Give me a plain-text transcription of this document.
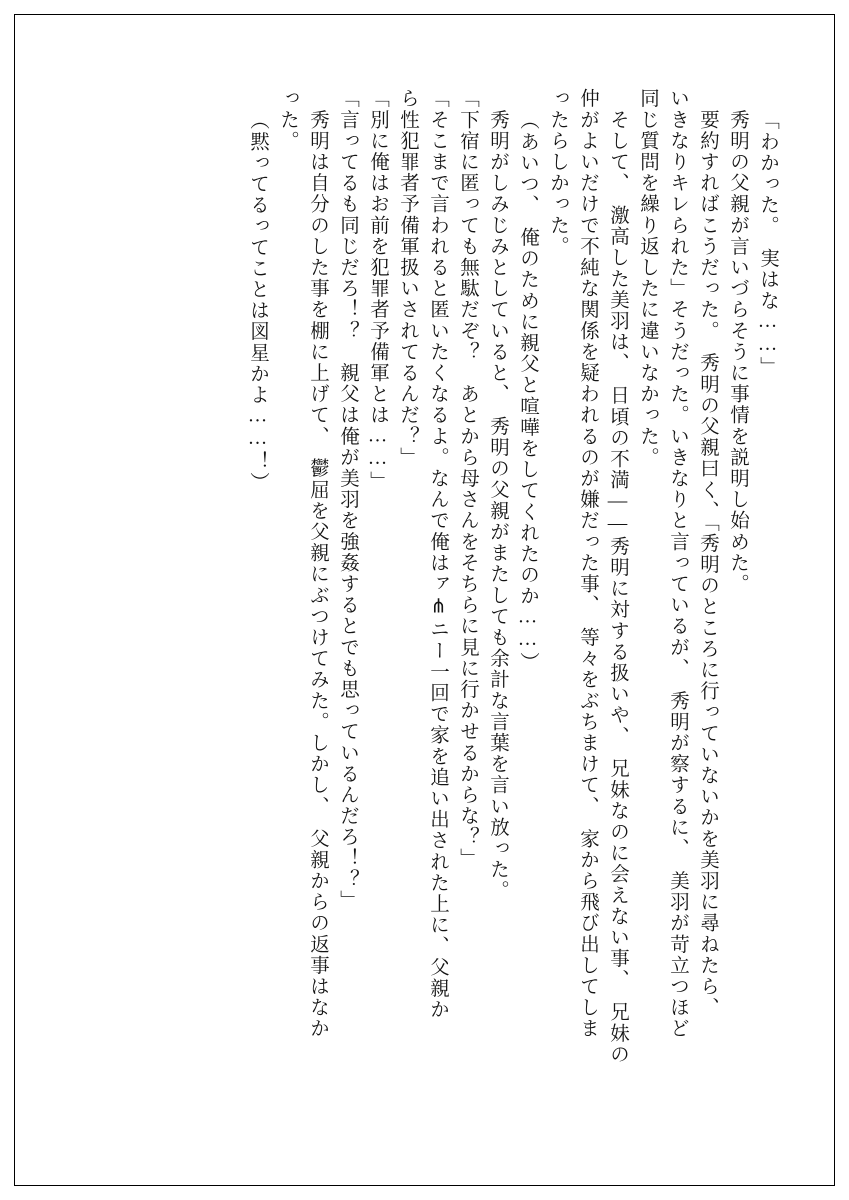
「わかった。　実はな……」
　秀明の父親が言いづらそうに事情を説明し始めた。
　要約すればこうだった。　秀明の父親曰く、「秀明のところに行っていないかを美羽に尋ねたら、
いきなりキレられた」そうだった。いきなりと言っているが、　秀明が察するに、　美羽が苛立つほど
同じ質問を繰り返したに違いなかった。
　そして、　激高した美羽は、　日頃の不満――秀明に対する扱いや、　兄妹なのに会えない事、　兄妹の
仲がよいだけで不純な関係を疑われるのが嫌だった事、　等々をぶちまけて、　家から飛び出してしま
ったらしかった。
（あいつ、　俺のために親父と喧嘩をしてくれたのか……）
　秀明がしみじみとしていると、　秀明の父親がまたしても余計な言葉を言い放った。
「下宿に匿っても無駄だぞ？　あとから母さんをそちらに見に行かせるからな？」
「そこまで言われると匿いたくなるよ。なんで俺はァ⋔ニー一回で家を追い出された上に、父親か
ら性犯罪者予備軍扱いされてるんだ？」
「別に俺はお前を犯罪者予備軍とは……」
「言ってるも同じだろ！？　親父は俺が美羽を強姦するとでも思っているんだろ！？」
　秀明は自分のした事を棚に上げて、　鬱屈を父親にぶつけてみた。しかし、　父親からの返事はなか
った。
（黙ってるってことは図星かよ……！）
